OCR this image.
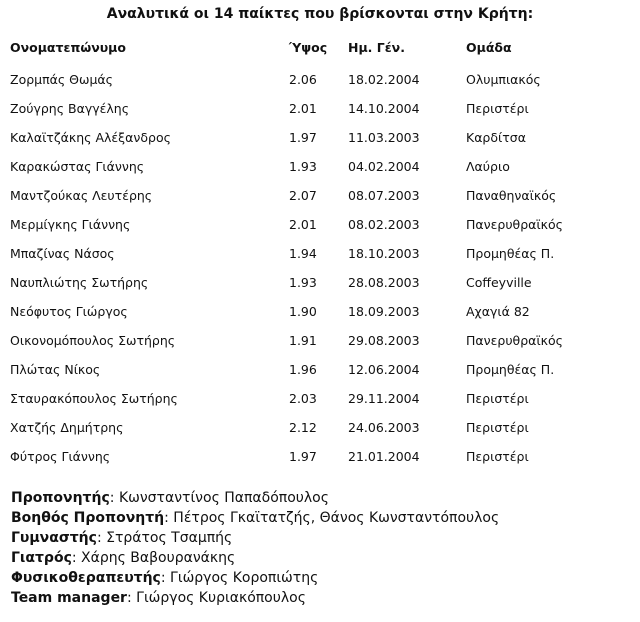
Αναλυτικά οι 14 παίκτες που βρίσκονται στην Κρήτη:
Ονοματεπώνυμο	Ύψος	Ημ. Γέν.	Ομάδα
Ζορμπάς Θωμάς	2.06	18.02.2004	Ολυμπιακός
Ζούγρης Βαγγέλης	2.01	14.10.2004	Περιστέρι
Καλαϊτζάκης Αλέξανδρος	1.97	11.03.2003	Καρδίτσα
Καρακώστας Γιάννης	1.93	04.02.2004	Λαύριο
Μαντζούκας Λευτέρης	2.07	08.07.2003	Παναθηναϊκός
Μερμίγκης Γιάννης	2.01	08.02.2003	Πανερυθραϊκός
Μπαζίνας Νάσος	1.94	18.10.2003	Προμηθέας Π.
Ναυπλιώτης Σωτήρης	1.93	28.08.2003	Coffeyville
Νεόφυτος Γιώργος	1.90	18.09.2003	Αχαγιά 82
Οικονομόπουλος Σωτήρης	1.91	29.08.2003	Πανερυθραϊκός
Πλώτας Νίκος	1.96	12.06.2004	Προμηθέας Π.
Σταυρακόπουλος Σωτήρης	2.03	29.11.2004	Περιστέρι
Χατζής Δημήτρης	2.12	24.06.2003	Περιστέρι
Φύτρος Γιάννης	1.97	21.01.2004	Περιστέρι
Προπονητής: Κωνσταντίνος Παπαδόπουλος
Βοηθός Προπονητή: Πέτρος Γκαϊτατζής, Θάνος Κωνσταντόπουλος
Γυμναστής: Στράτος Τσαμπής
Γιατρός: Χάρης Βαβουρανάκης
Φυσικοθεραπευτής: Γιώργος Κοροπιώτης
Team manager: Γιώργος Κυριακόπουλος
